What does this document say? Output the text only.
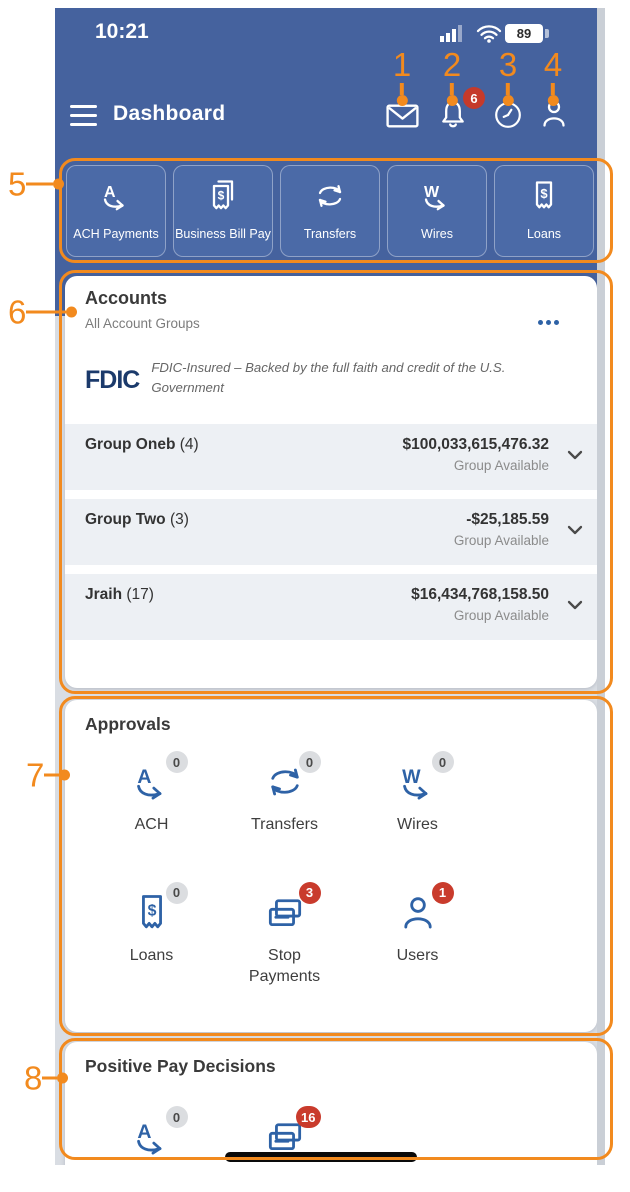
10:21	89
Dashboard
6
A
ACH Payments
$
Business Bill Pay	Transfers
W
Wires
$
Loans
Accounts
All Account Groups
FDIC FDIC-Insured – Backed by the full faith and credit of the U.S. Government
Group Oneb (4)	$100,033,615,476.32
Group Available
Group Two (3)	-$25,185.59
Group Available
Jraih (17)	$16,434,768,158.50
Group Available
Approvals
A
0
ACH
0
Transfers
W
0
Wires
$
0
Loans
3
Stop Payments
1
Users
Positive Pay Decisions
A
0	16
1 2 3 4
5
6
7
8
